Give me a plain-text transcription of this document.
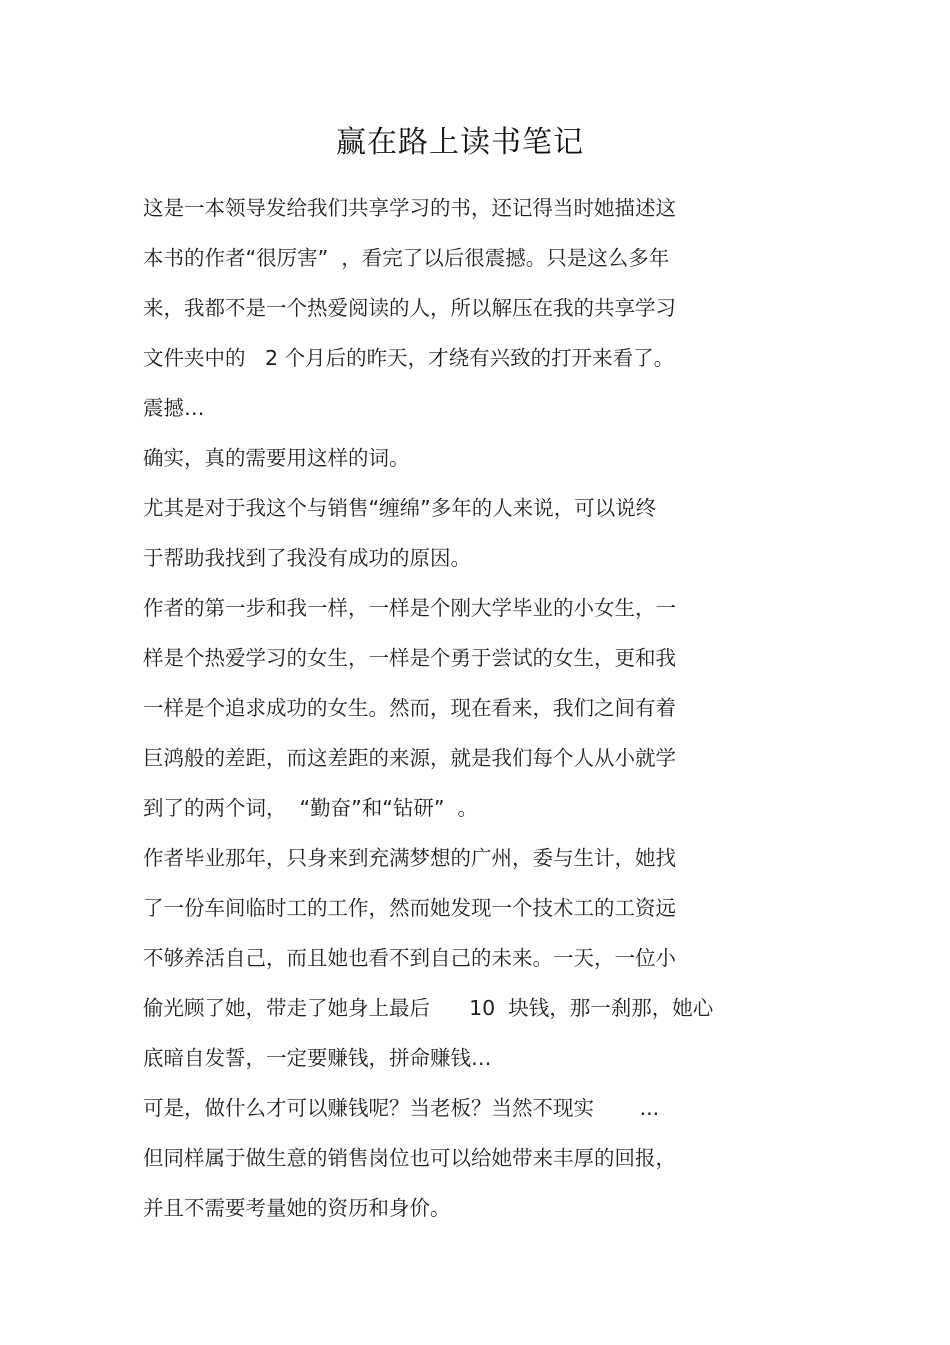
赢在路上读书笔记
这是一本领导发给我们共享学习的书，还记得当时她描述这
本书的作者“很厉害”  ，看完了以后很震撼。只是这么多年
来，我都不是一个热爱阅读的人，所以解压在我的共享学习
文件夹中的   2 个月后的昨天，才绕有兴致的打开来看了。
震撼…
确实，真的需要用这样的词。
尤其是对于我这个与销售“缠绵”多年的人来说，可以说终
于帮助我找到了我没有成功的原因。
作者的第一步和我一样，一样是个刚大学毕业的小女生，一
样是个热爱学习的女生，一样是个勇于尝试的女生，更和我
一样是个追求成功的女生。然而，现在看来，我们之间有着
巨鸿般的差距，而这差距的来源，就是我们每个人从小就学
到了的两个词，  “勤奋”和“钻研”  。
作者毕业那年，只身来到充满梦想的广州，委与生计，她找
了一份车间临时工的工作，然而她发现一个技术工的工资远
不够养活自己，而且她也看不到自己的未来。一天，一位小
偷光顾了她，带走了她身上最后      10  块钱，那一刹那，她心
底暗自发誓，一定要赚钱，拼命赚钱…
可是，做什么才可以赚钱呢？当老板？当然不现实       ...
但同样属于做生意的销售岗位也可以给她带来丰厚的回报，
并且不需要考量她的资历和身价。
